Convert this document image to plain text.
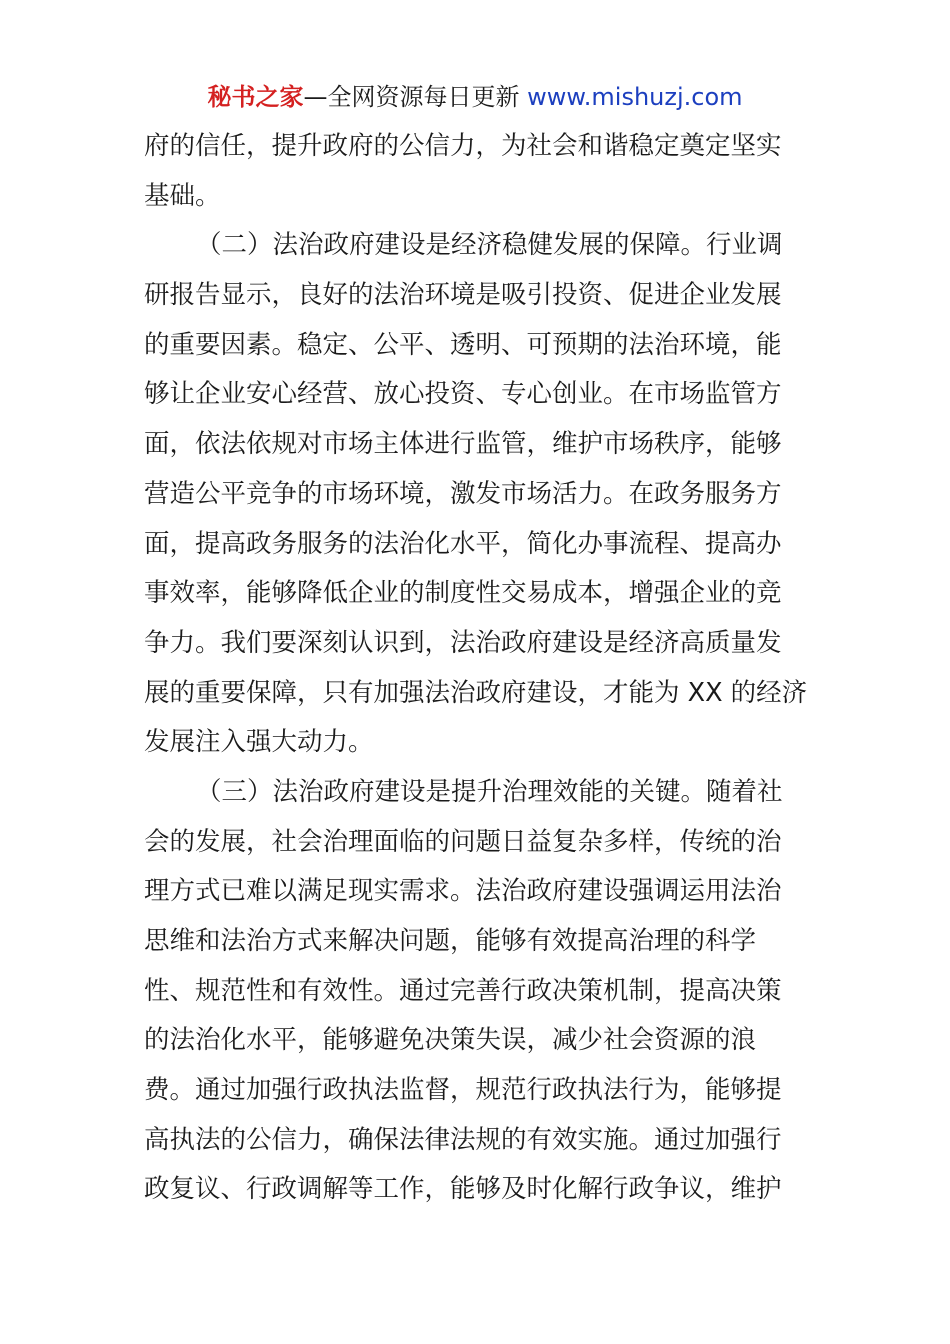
秘书之家—全网资源每日更新 www.mishuzj.com
府的信任，提升政府的公信力，为社会和谐稳定奠定坚实
基础。
（二）法治政府建设是经济稳健发展的保障。行业调
研报告显示，良好的法治环境是吸引投资、促进企业发展
的重要因素。稳定、公平、透明、可预期的法治环境，能
够让企业安心经营、放心投资、专心创业。在市场监管方
面，依法依规对市场主体进行监管，维护市场秩序，能够
营造公平竞争的市场环境，激发市场活力。在政务服务方
面，提高政务服务的法治化水平，简化办事流程、提高办
事效率，能够降低企业的制度性交易成本，增强企业的竞
争力。我们要深刻认识到，法治政府建设是经济高质量发
展的重要保障，只有加强法治政府建设，才能为 XX 的经济
发展注入强大动力。
（三）法治政府建设是提升治理效能的关键。随着社
会的发展，社会治理面临的问题日益复杂多样，传统的治
理方式已难以满足现实需求。法治政府建设强调运用法治
思维和法治方式来解决问题，能够有效提高治理的科学
性、规范性和有效性。通过完善行政决策机制，提高决策
的法治化水平，能够避免决策失误，减少社会资源的浪
费。通过加强行政执法监督，规范行政执法行为，能够提
高执法的公信力，确保法律法规的有效实施。通过加强行
政复议、行政调解等工作，能够及时化解行政争议，维护
